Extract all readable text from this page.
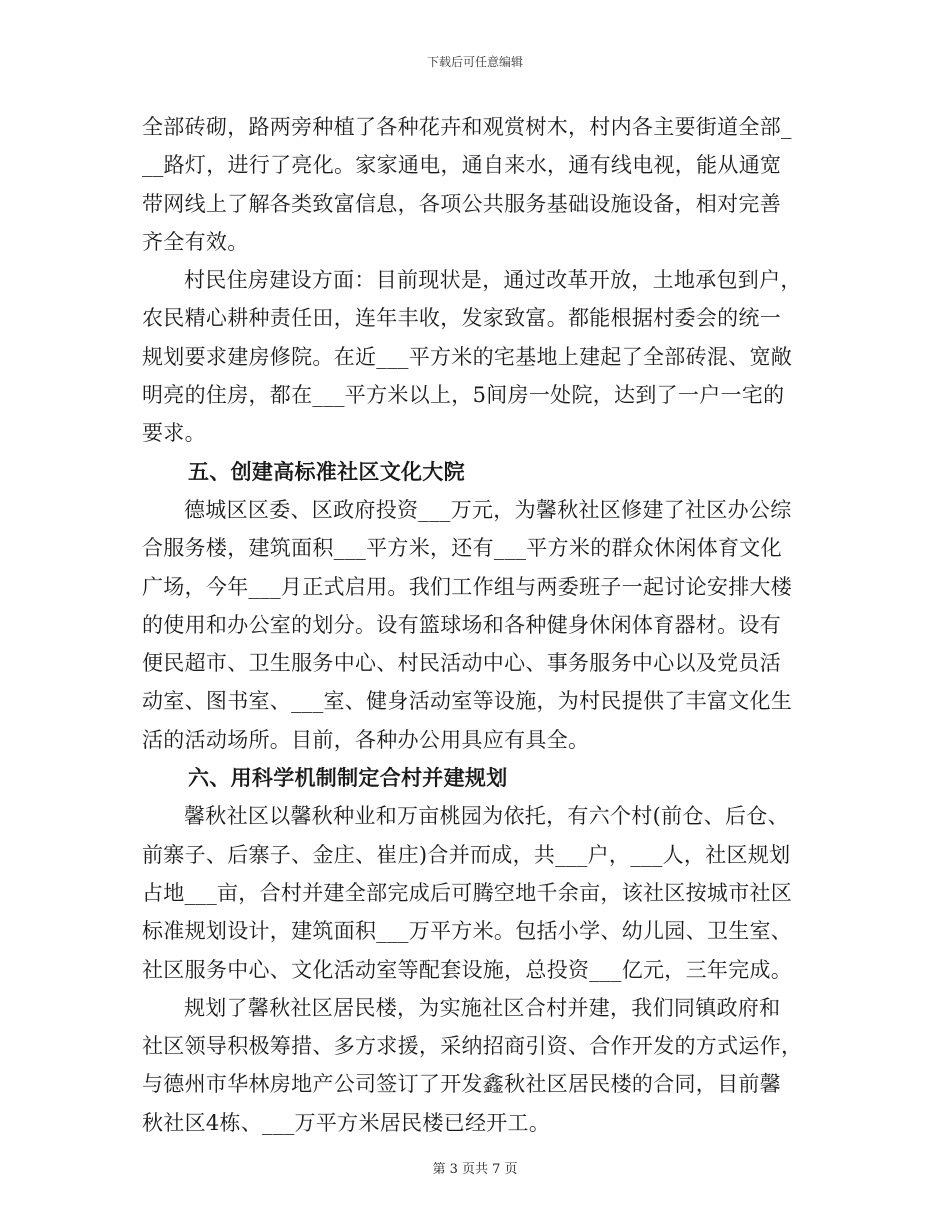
下载后可任意编辑
全部砖砌，路两旁种植了各种花卉和观赏树木，村内各主要街道全部_
__路灯，进行了亮化。家家通电，通自来水，通有线电视，能从通宽
带网线上了解各类致富信息，各项公共服务基础设施设备，相对完善
齐全有效。
村民住房建设方面：目前现状是，通过改革开放，土地承包到户，
农民精心耕种责任田，连年丰收，发家致富。都能根据村委会的统一
规划要求建房修院。在近___平方米的宅基地上建起了全部砖混、宽敞
明亮的住房，都在___平方米以上，5间房一处院，达到了一户一宅的
要求。
五、创建高标准社区文化大院
德城区区委、区政府投资___万元，为馨秋社区修建了社区办公综
合服务楼，建筑面积___平方米，还有___平方米的群众休闲体育文化
广场，今年___月正式启用。我们工作组与两委班子一起讨论安排大楼
的使用和办公室的划分。设有篮球场和各种健身休闲体育器材。设有
便民超市、卫生服务中心、村民活动中心、事务服务中心以及党员活
动室、图书室、___室、健身活动室等设施，为村民提供了丰富文化生
活的活动场所。目前，各种办公用具应有具全。
六、用科学机制制定合村并建规划
馨秋社区以馨秋种业和万亩桃园为依托，有六个村(前仓、后仓、
前寨子、后寨子、金庄、崔庄)合并而成，共___户，___人，社区规划
占地___亩，合村并建全部完成后可腾空地千余亩，该社区按城市社区
标准规划设计，建筑面积___万平方米。包括小学、幼儿园、卫生室、
社区服务中心、文化活动室等配套设施，总投资___亿元，三年完成。
规划了馨秋社区居民楼，为实施社区合村并建，我们同镇政府和
社区领导积极筹措、多方求援，采纳招商引资、合作开发的方式运作，
与德州市华林房地产公司签订了开发鑫秋社区居民楼的合同，目前馨
秋社区4栋、___万平方米居民楼已经开工。
第 3 页共 7 页
